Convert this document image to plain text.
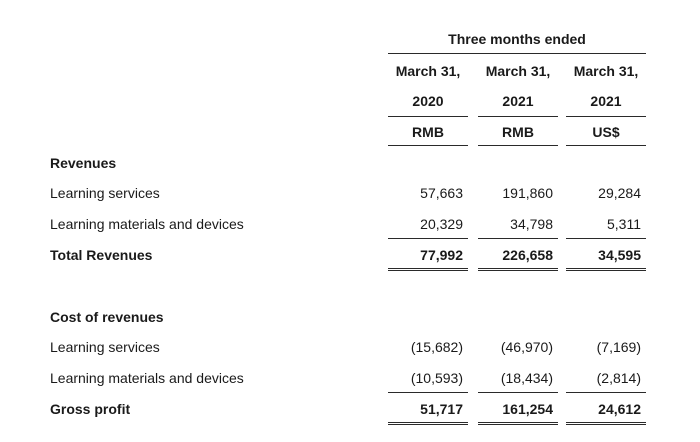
Three months ended
March 31,	March 31,	March 31,
2020	2021	2021
RMB	RMB	US$
Revenues
Learning services	57,663	191,860	29,284
Learning materials and devices	20,329	34,798	5,311
Total Revenues	77,992	226,658	34,595
Cost of revenues
Learning services	(15,682)	(46,970)	(7,169)
Learning materials and devices	(10,593)	(18,434)	(2,814)
Gross profit	51,717	161,254	24,612
